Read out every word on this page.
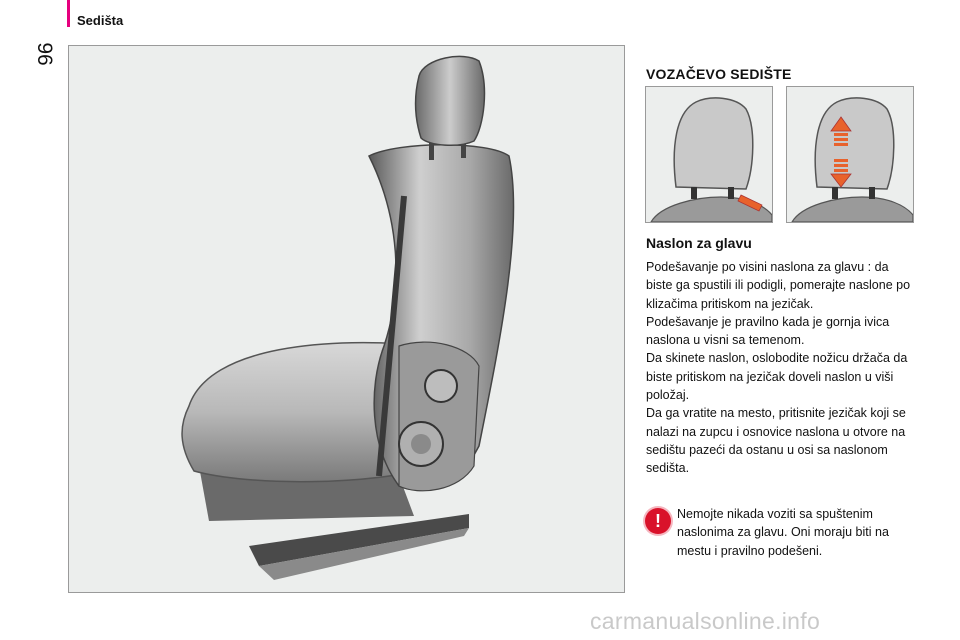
Sedišta
96
VOZAČEVO SEDIŠTE
Naslon za glavu

Podešavanje po visini naslona za glavu : da biste ga spustili ili podigli, pomerajte naslone po klizačima pritiskom na jezičak.

Podešavanje je pravilno kada je gornja ivica naslona u visni sa temenom.

Da skinete naslon, oslobodite nožicu držača da biste pritiskom na jezičak doveli naslon u viši položaj.

Da ga vratite na mesto, pritisnite jezičak koji se nalazi na zupcu i osnovice naslona u otvore na sedištu pazeći da ostanu u osi sa naslonom sedišta.

!	Nemojte nikada voziti sa spuštenim naslonima za glavu. Oni moraju biti na mestu i pravilno podešeni.
carmanualsonline.info
